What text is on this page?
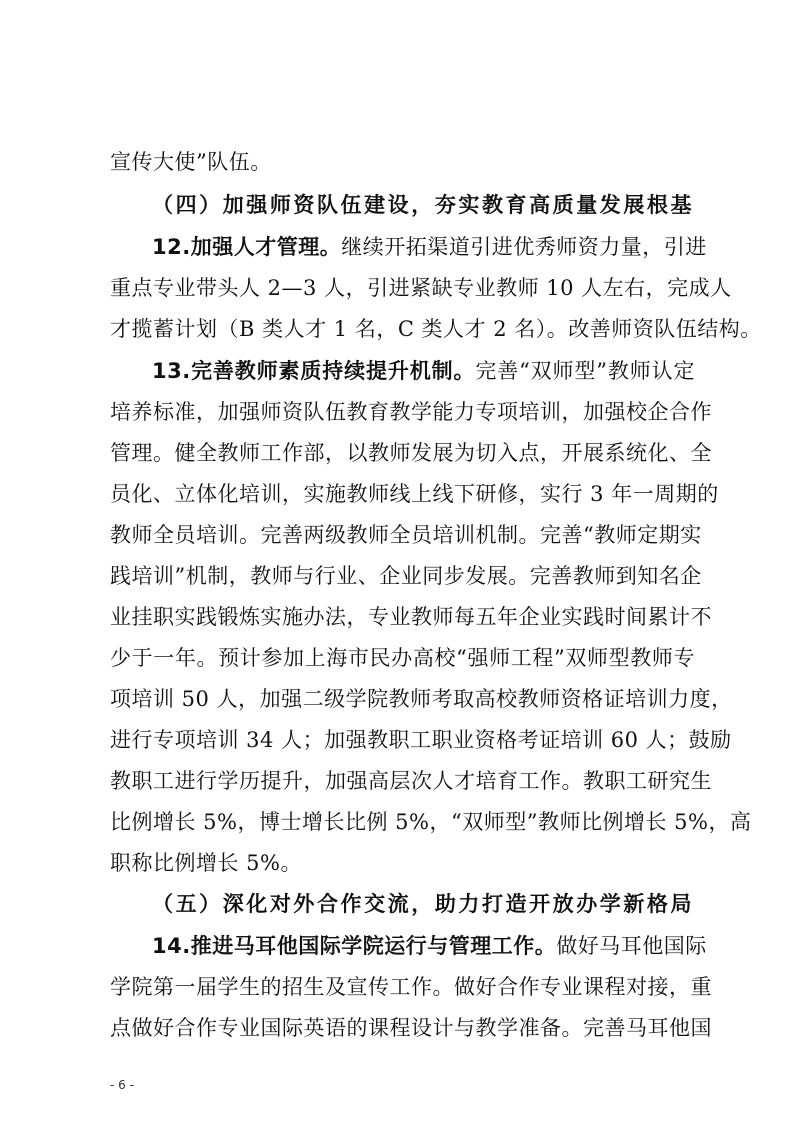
宣传大使”队伍。
（四）加强师资队伍建设，夯实教育高质量发展根基
12.加强人才管理。继续开拓渠道引进优秀师资力量，引进
重点专业带头人 2—3 人，引进紧缺专业教师 10 人左右，完成人
才揽蓄计划（B 类人才 1 名，C 类人才 2 名）。改善师资队伍结构。
13.完善教师素质持续提升机制。完善“双师型”教师认定
培养标准，加强师资队伍教育教学能力专项培训，加强校企合作
管理。健全教师工作部，以教师发展为切入点，开展系统化、全
员化、立体化培训，实施教师线上线下研修，实行 3 年一周期的
教师全员培训。完善两级教师全员培训机制。完善“教师定期实
践培训”机制，教师与行业、企业同步发展。完善教师到知名企
业挂职实践锻炼实施办法，专业教师每五年企业实践时间累计不
少于一年。预计参加上海市民办高校“强师工程”双师型教师专
项培训 50 人，加强二级学院教师考取高校教师资格证培训力度，
进行专项培训 34 人；加强教职工职业资格考证培训 60 人；鼓励
教职工进行学历提升，加强高层次人才培育工作。教职工研究生
比例增长 5%，博士增长比例 5%，“双师型”教师比例增长 5%，高
职称比例增长 5%。
（五）深化对外合作交流，助力打造开放办学新格局
14.推进马耳他国际学院运行与管理工作。做好马耳他国际
学院第一届学生的招生及宣传工作。做好合作专业课程对接，重
点做好合作专业国际英语的课程设计与教学准备。完善马耳他国
- 6 -
